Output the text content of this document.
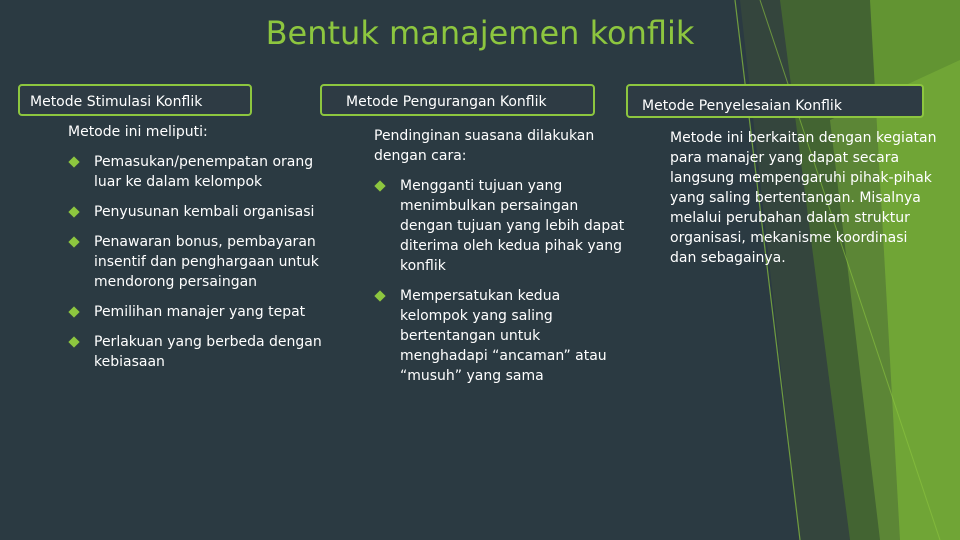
Bentuk manajemen konflik
Metode Stimulasi Konflik	Metode Pengurangan Konflik	Metode Penyelesaian Konflik

Metode ini meliputi:

Pemasukan/penempatan orang luar ke dalam kelompok
Penyusunan kembali organisasi
Penawaran bonus, pembayaran insentif dan penghargaan untuk mendorong persaingan
Pemilihan manajer yang tepat
Perlakuan yang berbeda dengan kebiasaan

Pendinginan suasana dilakukan dengan cara:

Mengganti tujuan yang menimbulkan persaingan dengan tujuan yang lebih dapat diterima oleh kedua pihak yang konflik
Mempersatukan kedua kelompok yang saling bertentangan untuk menghadapi “ancaman” atau “musuh” yang sama

Metode ini berkaitan dengan kegiatan para manajer yang dapat secara langsung mempengaruhi pihak-pihak yang saling bertentangan. Misalnya melalui perubahan dalam struktur organisasi, mekanisme koordinasi dan sebagainya.
